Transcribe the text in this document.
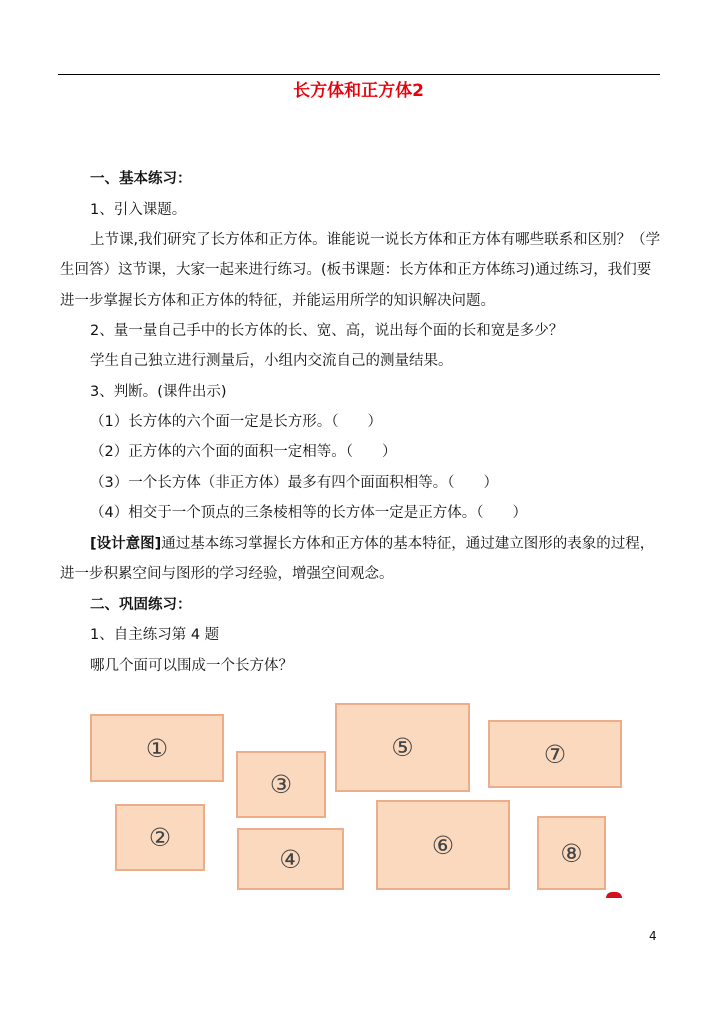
长方体和正方体2
一、基本练习：
1、引入课题。
上节课,我们研究了长方体和正方体。谁能说一说长方体和正方体有哪些联系和区别？（学
生回答）这节课，大家一起来进行练习。(板书课题：长方体和正方体练习)通过练习，我们要
进一步掌握长方体和正方体的特征，并能运用所学的知识解决问题。
2、量一量自己手中的长方体的长、宽、高，说出每个面的长和宽是多少？
学生自己独立进行测量后，小组内交流自己的测量结果。
3、判断。(课件出示)
（1）长方体的六个面一定是长方形。（　　）
（2）正方体的六个面的面积一定相等。（　　）
（3）一个长方体（非正方体）最多有四个面面积相等。（　　）
（4）相交于一个顶点的三条棱相等的长方体一定是正方体。（　　）
[设计意图]通过基本练习掌握长方体和正方体的基本特征，通过建立图形的表象的过程，
进一步积累空间与图形的学习经验，增强空间观念。
二、巩固练习：
1、自主练习第 4 题
哪几个面可以围成一个长方体？
①
②
③
④
⑤
⑥
⑦
⑧
4
